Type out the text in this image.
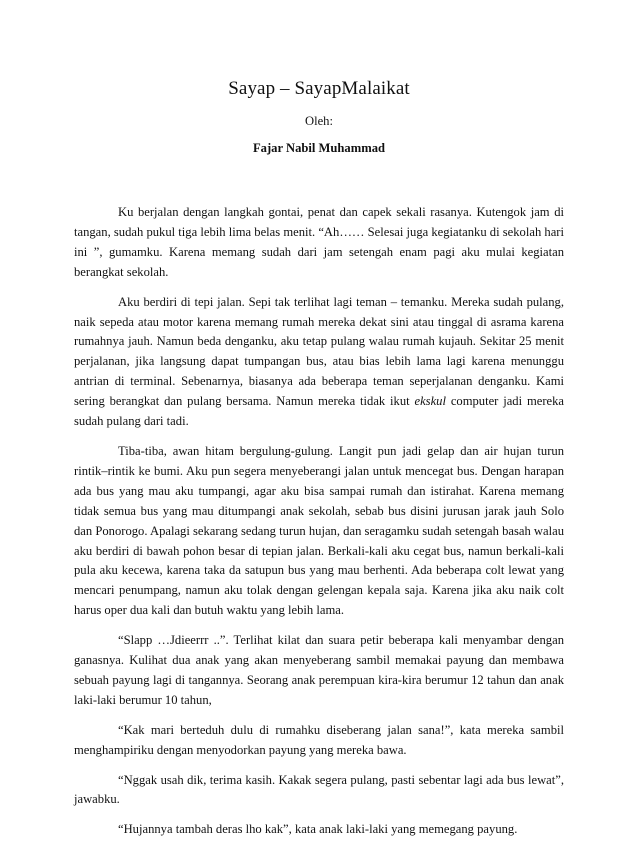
Sayap – SayapMalaikat
Oleh:
Fajar Nabil Muhammad

Ku berjalan dengan langkah gontai, penat dan capek sekali rasanya. Kutengok jam di tangan, sudah pukul tiga lebih lima belas menit. “Ah…… Selesai juga kegiatanku di sekolah hari ini ”, gumamku. Karena memang sudah dari jam setengah enam pagi aku mulai kegiatan berangkat sekolah.

Aku berdiri di tepi jalan. Sepi tak terlihat lagi teman – temanku. Mereka sudah pulang, naik sepeda atau motor karena memang rumah mereka dekat sini atau tinggal di asrama karena rumahnya jauh. Namun beda denganku, aku tetap pulang walau rumah kujauh. Sekitar 25 menit perjalanan, jika langsung dapat tumpangan bus, atau bias lebih lama lagi karena menunggu antrian di terminal. Sebenarnya, biasanya ada beberapa teman seperjalanan denganku. Kami sering berangkat dan pulang bersama. Namun mereka tidak ikut ekskul computer jadi mereka sudah pulang dari tadi.

Tiba-tiba, awan hitam bergulung-gulung. Langit pun jadi gelap dan air hujan turun rintik–rintik ke bumi. Aku pun segera menyeberangi jalan untuk mencegat bus. Dengan harapan ada bus yang mau aku tumpangi, agar aku bisa sampai rumah dan istirahat. Karena memang tidak semua bus yang mau ditumpangi anak sekolah, sebab bus disini jurusan jarak jauh Solo dan Ponorogo. Apalagi sekarang sedang turun hujan, dan seragamku sudah setengah basah walau aku berdiri di bawah pohon besar di tepian jalan. Berkali-kali aku cegat bus, namun berkali-kali pula aku kecewa, karena taka da satupun bus yang mau berhenti. Ada beberapa colt lewat yang mencari penumpang, namun aku tolak dengan gelengan kepala saja. Karena jika aku naik colt harus oper dua kali dan butuh waktu yang lebih lama.

“Slapp …Jdieerrr ..”. Terlihat kilat dan suara petir beberapa kali menyambar dengan ganasnya. Kulihat dua anak yang akan menyeberang sambil memakai payung dan membawa sebuah payung lagi di tangannya. Seorang anak perempuan kira-kira berumur 12 tahun dan anak laki-laki berumur 10 tahun,

“Kak mari berteduh dulu di rumahku diseberang jalan sana!”, kata mereka sambil menghampiriku dengan menyodorkan payung yang mereka bawa.

“Nggak usah dik, terima kasih. Kakak segera pulang, pasti sebentar lagi ada bus lewat”, jawabku.

“Hujannya tambah deras lho kak”, kata anak laki-laki yang memegang payung.
